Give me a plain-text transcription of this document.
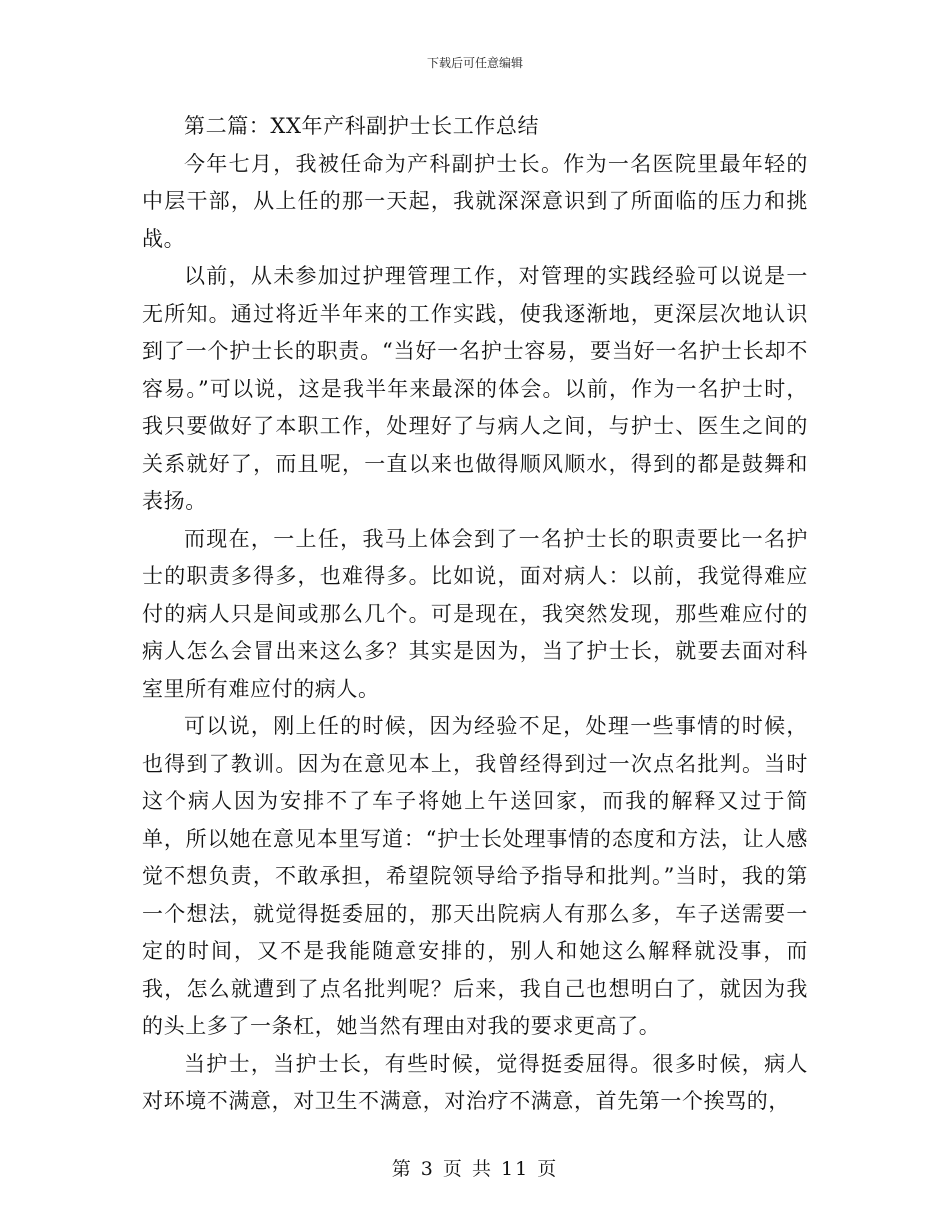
下载后可任意编辑

第二篇：XX年产科副护士长工作总结

今年七月，我被任命为产科副护士长。作为一名医院里最年轻的中层干部，从上任的那一天起，我就深深意识到了所面临的压力和挑战。

以前，从未参加过护理管理工作，对管理的实践经验可以说是一无所知。通过将近半年来的工作实践，使我逐渐地，更深层次地认识到了一个护士长的职责。“当好一名护士容易，要当好一名护士长却不容易。”可以说，这是我半年来最深的体会。以前，作为一名护士时，我只要做好了本职工作，处理好了与病人之间，与护士、医生之间的关系就好了，而且呢，一直以来也做得顺风顺水，得到的都是鼓舞和表扬。

而现在，一上任，我马上体会到了一名护士长的职责要比一名护士的职责多得多，也难得多。比如说，面对病人：以前，我觉得难应付的病人只是间或那么几个。可是现在，我突然发现，那些难应付的病人怎么会冒出来这么多？其实是因为，当了护士长，就要去面对科室里所有难应付的病人。

可以说，刚上任的时候，因为经验不足，处理一些事情的时候，也得到了教训。因为在意见本上，我曾经得到过一次点名批判。当时这个病人因为安排不了车子将她上午送回家，而我的解释又过于简单，所以她在意见本里写道：“护士长处理事情的态度和方法，让人感觉不想负责，不敢承担，希望院领导给予指导和批判。”当时，我的第一个想法，就觉得挺委屈的，那天出院病人有那么多，车子送需要一定的时间，又不是我能随意安排的，别人和她这么解释就没事，而我，怎么就遭到了点名批判呢？后来，我自己也想明白了，就因为我的头上多了一条杠，她当然有理由对我的要求更高了。

当护士，当护士长，有些时候，觉得挺委屈得。很多时候，病人对环境不满意，对卫生不满意，对治疗不满意，首先第一个挨骂的，

第 3 页 共 11 页
